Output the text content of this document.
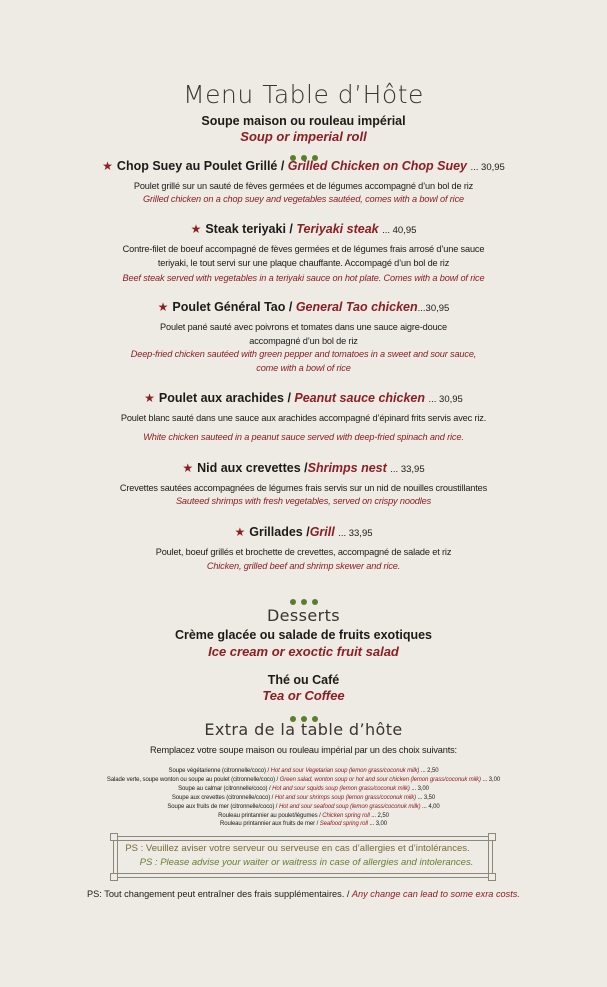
Menu Table d’Hôte
Soupe maison ou rouleau impérial
Soup or imperial roll
★ Chop Suey au Poulet Grillé / Grilled Chicken on Chop Suey ... 30,95
Poulet grillé sur un sauté de fèves germées et de légumes accompagné d’un bol de riz
Grilled chicken on a chop suey and vegetables sautéed, comes with a bowl of rice
★ Steak teriyaki / Teriyaki steak ... 40,95
Contre-filet de boeuf accompagné de fèves germées et de légumes frais arrosé d’une sauce
teriyaki, le tout servi sur une plaque chauffante. Accompagé d’un bol de riz
Beef steak served with vegetables in a teriyaki sauce on hot plate. Comes with a bowl of rice
★ Poulet Général Tao / General Tao chicken...30,95
Poulet pané sauté avec poivrons et tomates dans une sauce aigre-douce
accompagné d’un bol de riz
Deep-fried chicken sautéed with green pepper and tomatoes in a sweet and sour sauce,
come with a bowl of rice
★ Poulet aux arachides / Peanut sauce chicken ... 30,95
Poulet blanc sauté dans une sauce aux arachides accompagné d’épinard frits servis avec riz.
White chicken sauteed in a peanut sauce served with deep-fried spinach and rice.
★ Nid aux crevettes /Shrimps nest ... 33,95
Crevettes sautées accompagnées de légumes frais servis sur un nid de nouilles croustillantes
Sauteed shrimps with fresh vegetables, served on crispy noodles
★ Grillades /Grill ... 33,95
Poulet, boeuf grillés et brochette de crevettes, accompagné de salade et riz
Chicken, grilled beef and shrimp skewer and rice.
Desserts
Crème glacée ou salade de fruits exotiques
Ice cream or exoctic fruit salad
Thé ou Café
Tea or Coffee
Extra de la table d’hôte
Remplacez votre soupe maison ou rouleau impérial par un des choix suivants:
Soupe végétarienne (citronnelle/coco) / Hot and sour Vegetarian soup (lemon grass/coconuk milk) ... 2,50
Salade verte, soupe wonton ou soupe au poulet (citronnelle/coco) / Green salad, wonton soup or hot and sour chicken (lemon grass/coconuk milk) ... 3,00
Soupe au calmar (citronnelle/coco) / Hot and sour squids soup (lemon grass/coconuk milk) ... 3,00
Soupe aux crevettes (citronnelle/coco) / Hot and sour shrimps soup (lemon grass/coconuk milk) ... 3,50
Soupe aux fruits de mer (citronnelle/coco) / Hot and sour seafood soup (lemon grass/coconuk milk) ... 4,00
Rouleau printannier au poulet/légumes / Chicken spring roll ... 2,50
Rouleau printannier aux fruits de mer / Seafood spring roll ... 3,00
PS : Veuillez aviser votre serveur ou serveuse en cas d’allergies et d’intolérances.
PS : Please advise your waiter or waitress in case of allergies and intolerances.
PS: Tout changement peut entraîner des frais supplémentaires. / Any change can lead to some exra costs.
